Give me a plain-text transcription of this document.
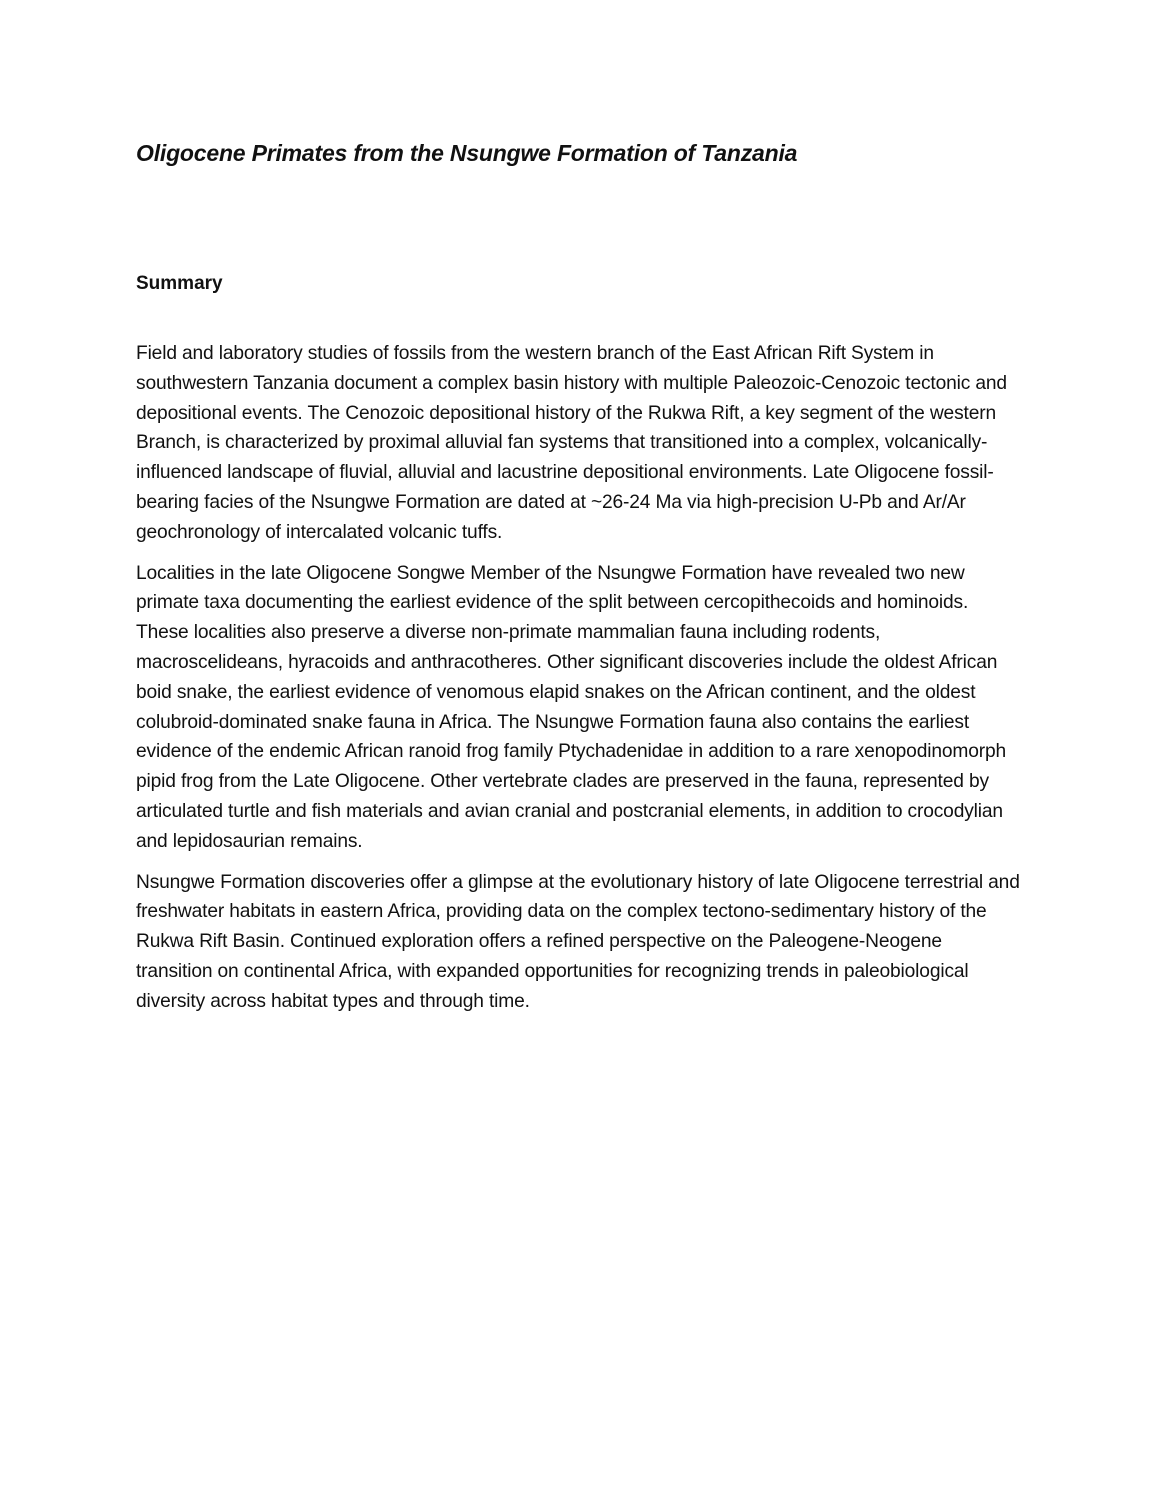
Oligocene Primates from the Nsungwe Formation of Tanzania
Summary

Field and laboratory studies of fossils from the western branch of the East African Rift System in southwestern Tanzania document a complex basin history with multiple Paleozoic-Cenozoic tectonic and depositional events. The Cenozoic depositional history of the Rukwa Rift, a key segment of the western Branch, is characterized by proximal alluvial fan systems that transitioned into a complex, volcanically-influenced landscape of fluvial, alluvial and lacustrine depositional environments. Late Oligocene fossil-bearing facies of the Nsungwe Formation are dated at ~26-24 Ma via high-precision U-Pb and Ar/Ar geochronology of intercalated volcanic tuffs.

Localities in the late Oligocene Songwe Member of the Nsungwe Formation have revealed two new primate taxa documenting the earliest evidence of the split between cercopithecoids and hominoids. These localities also preserve a diverse non-primate mammalian fauna including rodents, macroscelideans, hyracoids and anthracotheres. Other significant discoveries include the oldest African boid snake, the earliest evidence of venomous elapid snakes on the African continent, and the oldest colubroid-dominated snake fauna in Africa. The Nsungwe Formation fauna also contains the earliest evidence of the endemic African ranoid frog family Ptychadenidae in addition to a rare xenopodinomorph pipid frog from the Late Oligocene. Other vertebrate clades are preserved in the fauna, represented by articulated turtle and fish materials and avian cranial and postcranial elements, in addition to crocodylian and lepidosaurian remains.

Nsungwe Formation discoveries offer a glimpse at the evolutionary history of late Oligocene terrestrial and freshwater habitats in eastern Africa, providing data on the complex tectono-sedimentary history of the Rukwa Rift Basin. Continued exploration offers a refined perspective on the Paleogene-Neogene transition on continental Africa, with expanded opportunities for recognizing trends in paleobiological diversity across habitat types and through time.
